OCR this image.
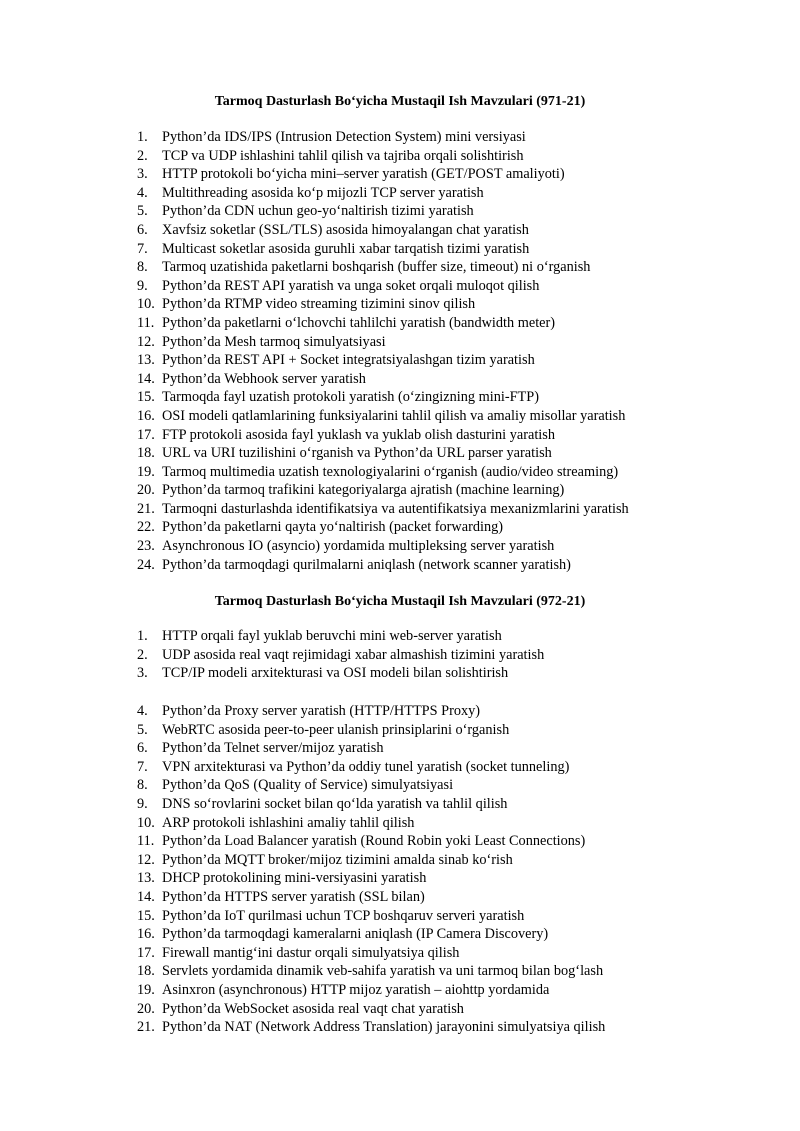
Tarmoq Dasturlash Bo‘yicha Mustaqil Ish Mavzulari (971-21)
1. Python’da IDS/IPS (Intrusion Detection System) mini versiyasi
2. TCP va UDP ishlashini tahlil qilish va tajriba orqali solishtirish
3. HTTP protokoli bo‘yicha mini–server yaratish (GET/POST amaliyoti)
4. Multithreading asosida ko‘p mijozli TCP server yaratish
5. Python’da CDN uchun geo-yo‘naltirish tizimi yaratish
6. Xavfsiz soketlar (SSL/TLS) asosida himoyalangan chat yaratish
7. Multicast soketlar asosida guruhli xabar tarqatish tizimi yaratish
8. Tarmoq uzatishida paketlarni boshqarish (buffer size, timeout) ni o‘rganish
9. Python’da REST API yaratish va unga soket orqali muloqot qilish
10. Python’da RTMP video streaming tizimini sinov qilish
11. Python’da paketlarni o‘lchovchi tahlilchi yaratish (bandwidth meter)
12. Python’da Mesh tarmoq simulyatsiyasi
13. Python’da REST API + Socket integratsiyalashgan tizim yaratish
14. Python’da Webhook server yaratish
15. Tarmoqda fayl uzatish protokoli yaratish (o‘zingizning mini-FTP)
16. OSI modeli qatlamlarining funksiyalarini tahlil qilish va amaliy misollar yaratish
17. FTP protokoli asosida fayl yuklash va yuklab olish dasturini yaratish
18. URL va URI tuzilishini o‘rganish va Python’da URL parser yaratish
19. Tarmoq multimedia uzatish texnologiyalarini o‘rganish (audio/video streaming)
20. Python’da tarmoq trafikini kategoriyalarga ajratish (machine learning)
21. Tarmoqni dasturlashda identifikatsiya va autentifikatsiya mexanizmlarini yaratish
22. Python’da paketlarni qayta yo‘naltirish (packet forwarding)
23. Asynchronous IO (asyncio) yordamida multipleksing server yaratish
24. Python’da tarmoqdagi qurilmalarni aniqlash (network scanner yaratish)
Tarmoq Dasturlash Bo‘yicha Mustaqil Ish Mavzulari (972-21)
1. HTTP orqali fayl yuklab beruvchi mini web-server yaratish
2. UDP asosida real vaqt rejimidagi xabar almashish tizimini yaratish
3. TCP/IP modeli arxitekturasi va OSI modeli bilan solishtirish
4. Python’da Proxy server yaratish (HTTP/HTTPS Proxy)
5. WebRTC asosida peer-to-peer ulanish prinsiplarini o‘rganish
6. Python’da Telnet server/mijoz yaratish
7. VPN arxitekturasi va Python’da oddiy tunel yaratish (socket tunneling)
8. Python’da QoS (Quality of Service) simulyatsiyasi
9. DNS so‘rovlarini socket bilan qo‘lda yaratish va tahlil qilish
10. ARP protokoli ishlashini amaliy tahlil qilish
11. Python’da Load Balancer yaratish (Round Robin yoki Least Connections)
12. Python’da MQTT broker/mijoz tizimini amalda sinab ko‘rish
13. DHCP protokolining mini-versiyasini yaratish
14. Python’da HTTPS server yaratish (SSL bilan)
15. Python’da IoT qurilmasi uchun TCP boshqaruv serveri yaratish
16. Python’da tarmoqdagi kameralarni aniqlash (IP Camera Discovery)
17. Firewall mantig‘ini dastur orqali simulyatsiya qilish
18. Servlets yordamida dinamik veb-sahifa yaratish va uni tarmoq bilan bog‘lash
19. Asinxron (asynchronous) HTTP mijoz yaratish – aiohttp yordamida
20. Python’da WebSocket asosida real vaqt chat yaratish
21. Python’da NAT (Network Address Translation) jarayonini simulyatsiya qilish
